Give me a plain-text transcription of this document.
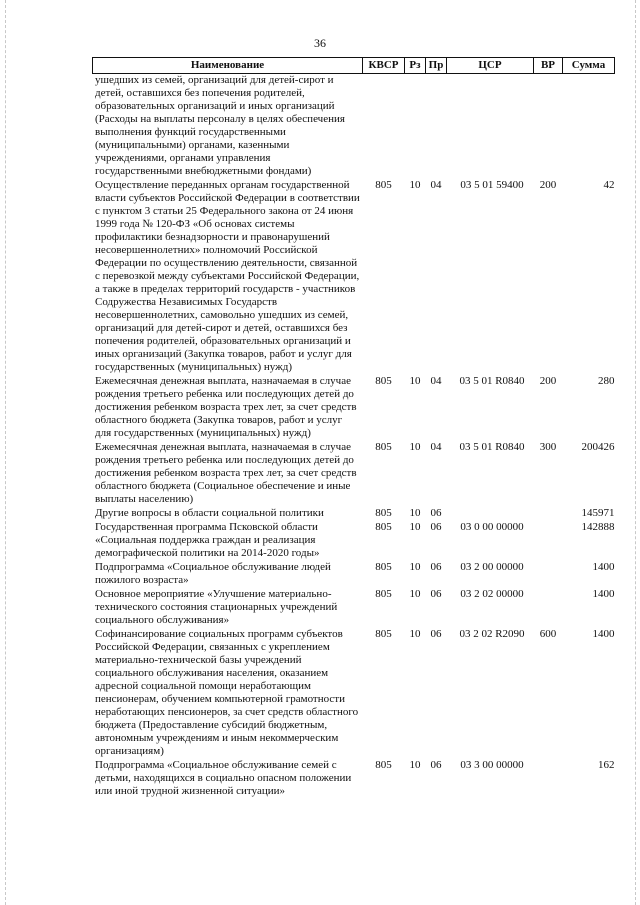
36
Наименование	КВСР	Рз	Пр	ЦСР	ВР	Сумма
ушедших из семей, организаций для детей-сирот и детей, оставшихся без попечения родителей, образовательных организаций и иных организаций (Расходы на выплаты персоналу в целях обеспечения выполнения функций государственными (муниципальными) органами, казенными учреждениями, органами управления государственными внебюджетными фондами)						
Осуществление переданных органам государственной власти субъектов Российской Федерации в соответствии с пунктом 3 статьи 25 Федерального закона от 24 июня 1999 года № 120-ФЗ «Об основах системы профилактики безнадзорности и правонарушений несовершеннолетних» полномочий Российской Федерации по осуществлению деятельности, связанной с перевозкой между субъектами Российской Федерации, а также в пределах территорий государств - участников Содружества Независимых Государств несовершеннолетних, самовольно ушедших из семей, организаций для детей-сирот и детей, оставшихся без попечения родителей, образовательных организаций и иных организаций (Закупка товаров, работ и услуг для государственных (муниципальных) нужд)	805	10	04	03 5 01 59400	200	42
Ежемесячная денежная выплата, назначаемая в случае рождения третьего ребенка или последующих детей до достижения ребенком возраста трех лет, за счет средств областного бюджета (Закупка товаров, работ и услуг для государственных (муниципальных) нужд)	805	10	04	03 5 01 R0840	200	280
Ежемесячная денежная выплата, назначаемая в случае рождения третьего ребенка или последующих детей до достижения ребенком возраста трех лет, за счет средств областного бюджета (Социальное обеспечение и иные выплаты населению)	805	10	04	03 5 01 R0840	300	200426
Другие вопросы в области социальной политики	805	10	06			145971
Государственная программа Псковской области «Социальная поддержка граждан и реализация демографической политики на 2014-2020 годы»	805	10	06	03 0 00 00000		142888
Подпрограмма «Социальное обслуживание людей пожилого возраста»	805	10	06	03 2 00 00000		1400
Основное мероприятие «Улучшение материально-технического состояния стационарных учреждений социального обслуживания»	805	10	06	03 2 02 00000		1400
Софинансирование социальных программ субъектов Российской Федерации, связанных с укреплением материально-технической базы учреждений социального обслуживания населения, оказанием адресной социальной помощи неработающим пенсионерам, обучением компьютерной грамотности неработающих пенсионеров, за счет средств областного бюджета (Предоставление субсидий бюджетным, автономным учреждениям и иным некоммерческим организациям)	805	10	06	03 2 02 R2090	600	1400
Подпрограмма «Социальное обслуживание семей с детьми, находящихся в социально опасном положении или иной трудной жизненной ситуации»	805	10	06	03 3 00 00000		162
